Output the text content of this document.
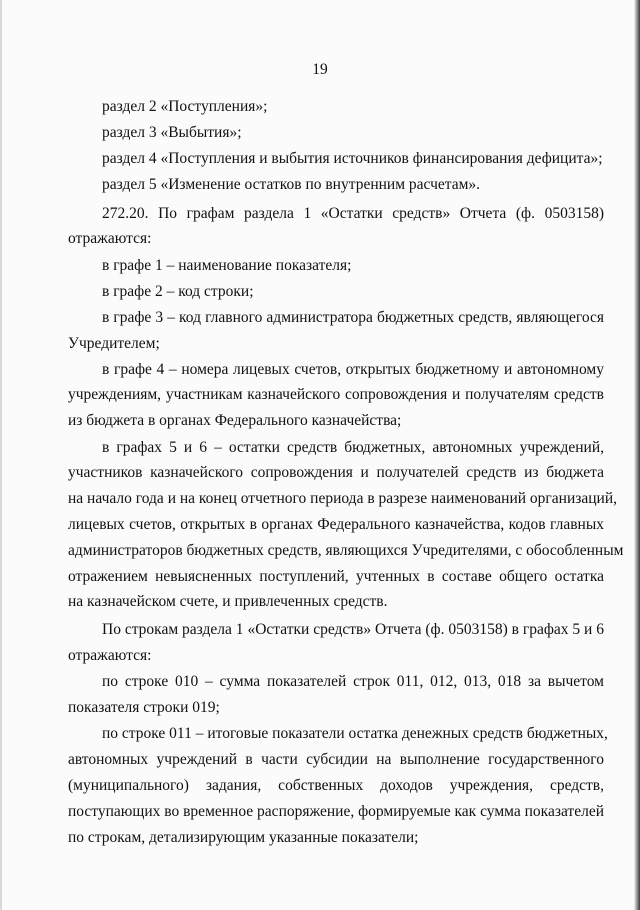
19
раздел 2 «Поступления»;
раздел 3 «Выбытия»;
раздел 4 «Поступления и выбытия источников финансирования дефицита»;
раздел 5 «Изменение остатков по внутренним расчетам».
272.20. По графам раздела 1 «Остатки средств» Отчета (ф. 0503158)
отражаются:
в графе 1 – наименование показателя;
в графе 2 – код строки;
в графе 3 – код главного администратора бюджетных средств, являющегося
Учредителем;
в графе 4 – номера лицевых счетов, открытых бюджетному и автономному
учреждениям, участникам казначейского сопровождения и получателям средств
из бюджета в органах Федерального казначейства;
в графах 5 и 6 – остатки средств бюджетных, автономных учреждений,
участников казначейского сопровождения и получателей средств из бюджета
на начало года и на конец отчетного периода в разрезе наименований организаций,
лицевых счетов, открытых в органах Федерального казначейства, кодов главных
администраторов бюджетных средств, являющихся Учредителями, с обособленным
отражением невыясненных поступлений, учтенных в составе общего остатка
на казначейском счете, и привлеченных средств.
По строкам раздела 1 «Остатки средств» Отчета (ф. 0503158) в графах 5 и 6
отражаются:
по строке 010 – сумма показателей строк 011, 012, 013, 018 за вычетом
показателя строки 019;
по строке 011 – итоговые показатели остатка денежных средств бюджетных,
автономных учреждений в части субсидии на выполнение государственного
(муниципального) задания, собственных доходов учреждения, средств,
поступающих во временное распоряжение, формируемые как сумма показателей
по строкам, детализирующим указанные показатели;
